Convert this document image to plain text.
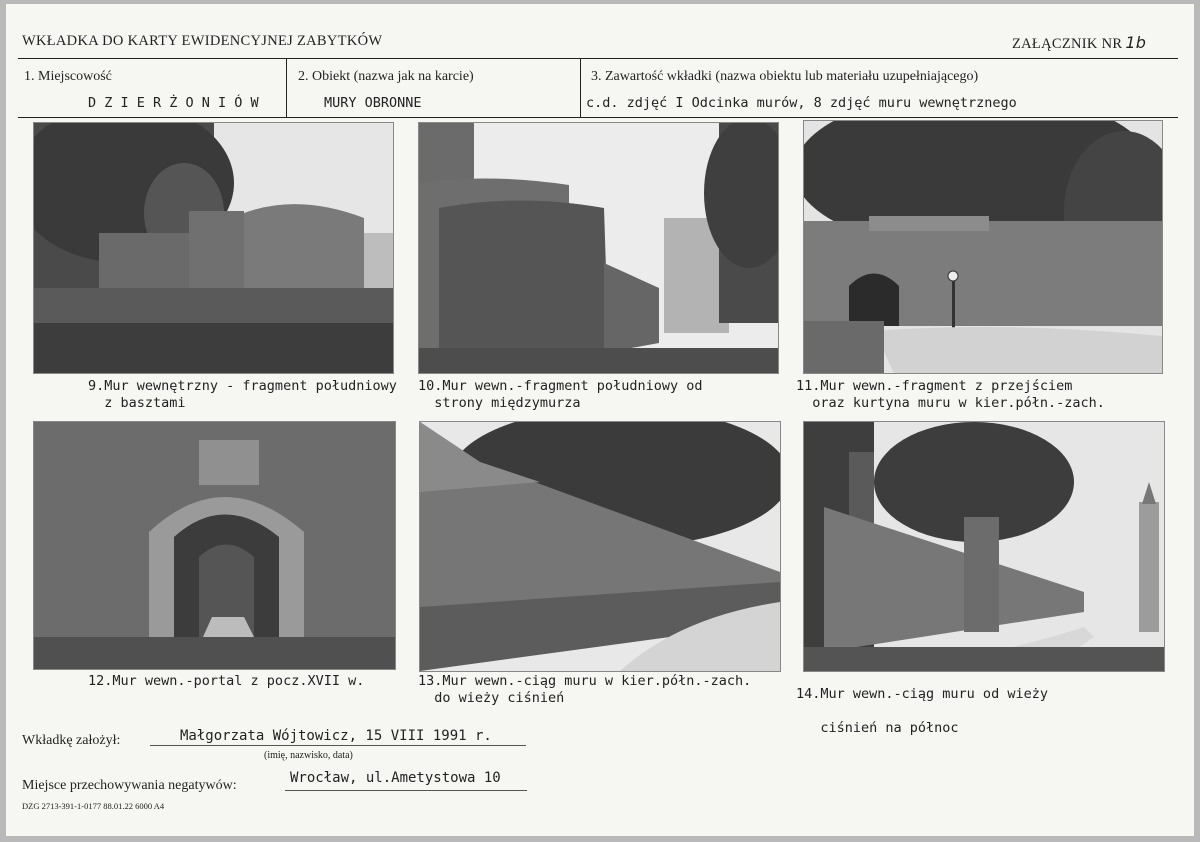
WKŁADKA DO KARTY EWIDENCYJNEJ ZABYTKÓW	ZAŁĄCZNIK NR 1b
1. Miejscowość	2. Obiekt (nazwa jak na karcie)	3. Zawartość wkładki (nazwa obiektu lub materiału uzupełniającego)
D Z I E R Ż O N I Ó W	MURY OBRONNE	c.d. zdjęć I Odcinka murów, 8 zdjęć muru wewnętrznego
9.Mur wewnętrzny - fragment południowy
z basztami
10.Mur wewn.-fragment południowy od
strony międzymurza
11.Mur wewn.-fragment z przejściem
oraz kurtyna muru w kier.półn.-zach.
12.Mur wewn.-portal z pocz.XVII w.	13.Mur wewn.-ciąg muru w kier.półn.-zach.
do wieży ciśnień	14.Mur wewn.-ciąg muru od wieży

ciśnień na północ
Wkładkę założył:	Małgorzata Wójtowicz, 15 VIII 1991 r.
(imię, nazwisko, data)
Miejsce przechowywania negatywów:	Wrocław, ul.Ametystowa 10
DZG 2713-391-1-0177 88.01.22 6000 A4
